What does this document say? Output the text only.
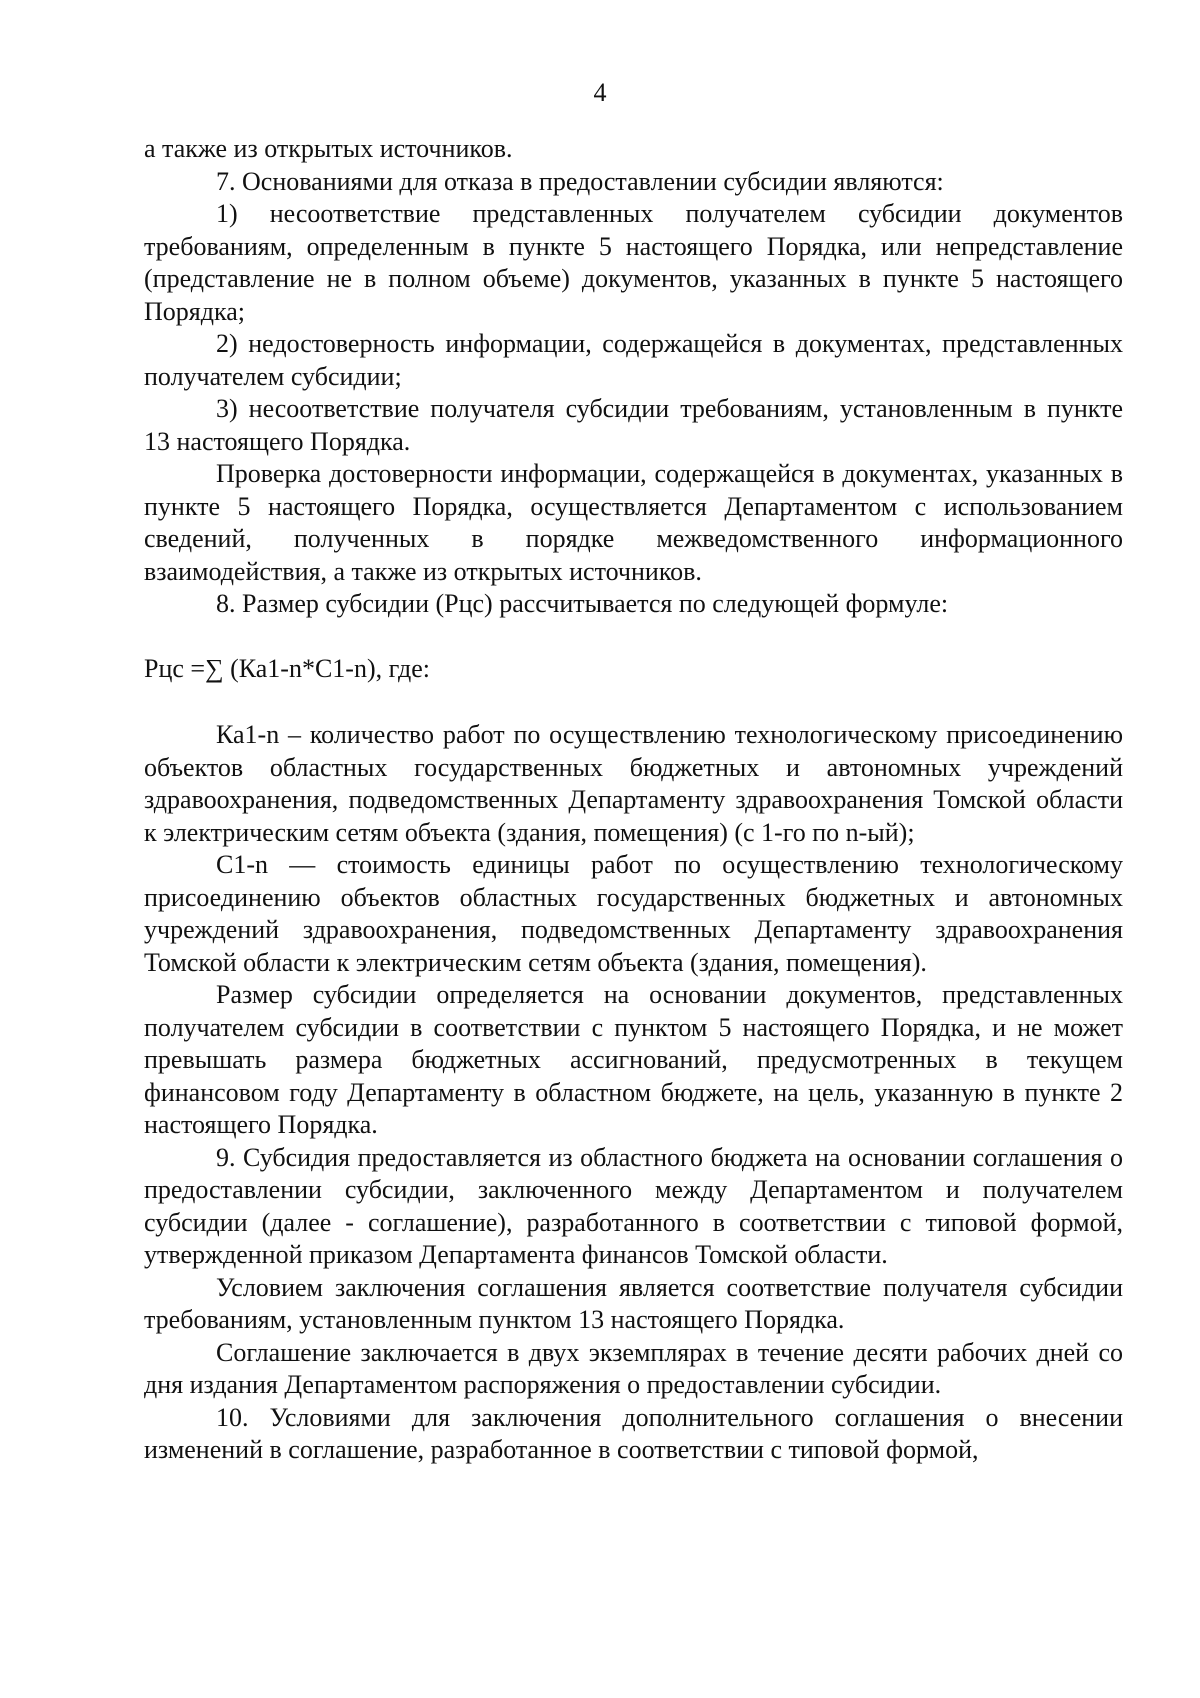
4

а также из открытых источников.

7. Основаниями для отказа в предоставлении субсидии являются:

1) несоответствие представленных получателем субсидии документов требованиям, определенным в пункте 5 настоящего Порядка, или непредставление (представление не в полном объеме) документов, указанных в пункте 5 настоящего Порядка;

2) недостоверность информации, содержащейся в документах, представленных получателем субсидии;

3) несоответствие получателя субсидии требованиям, установленным в пункте 13 настоящего Порядка.

Проверка достоверности информации, содержащейся в документах, указанных в пункте 5 настоящего Порядка, осуществляется Департаментом с использованием сведений, полученных в порядке межведомственного информационного взаимодействия, а также из открытых источников.

8. Размер субсидии (Рцс) рассчитывается по следующей формуле:

Рцс =∑ (Ка1-n*С1-n), где:

Ка1-n – количество работ по осуществлению технологическому присоединению объектов областных государственных бюджетных и автономных учреждений здравоохранения, подведомственных Департаменту здравоохранения Томской области к электрическим сетям объекта (здания, помещения) (с 1-го по n-ый);

С1-n — стоимость единицы работ по осуществлению технологическому присоединению объектов областных государственных бюджетных и автономных учреждений здравоохранения, подведомственных Департаменту здравоохранения Томской области к электрическим сетям объекта (здания, помещения).

Размер субсидии определяется на основании документов, представленных получателем субсидии в соответствии с пунктом 5 настоящего Порядка, и не может превышать размера бюджетных ассигнований, предусмотренных в текущем финансовом году Департаменту в областном бюджете, на цель, указанную в пункте 2 настоящего Порядка.

9. Субсидия предоставляется из областного бюджета на основании соглашения о предоставлении субсидии, заключенного между Департаментом и получателем субсидии (далее - соглашение), разработанного в соответствии с типовой формой, утвержденной приказом Департамента финансов Томской области.

Условием заключения соглашения является соответствие получателя субсидии требованиям, установленным пунктом 13 настоящего Порядка.

Соглашение заключается в двух экземплярах в течение десяти рабочих дней со дня издания Департаментом распоряжения о предоставлении субсидии.

10. Условиями для заключения дополнительного соглашения о внесении изменений в соглашение, разработанное в соответствии с типовой формой,
